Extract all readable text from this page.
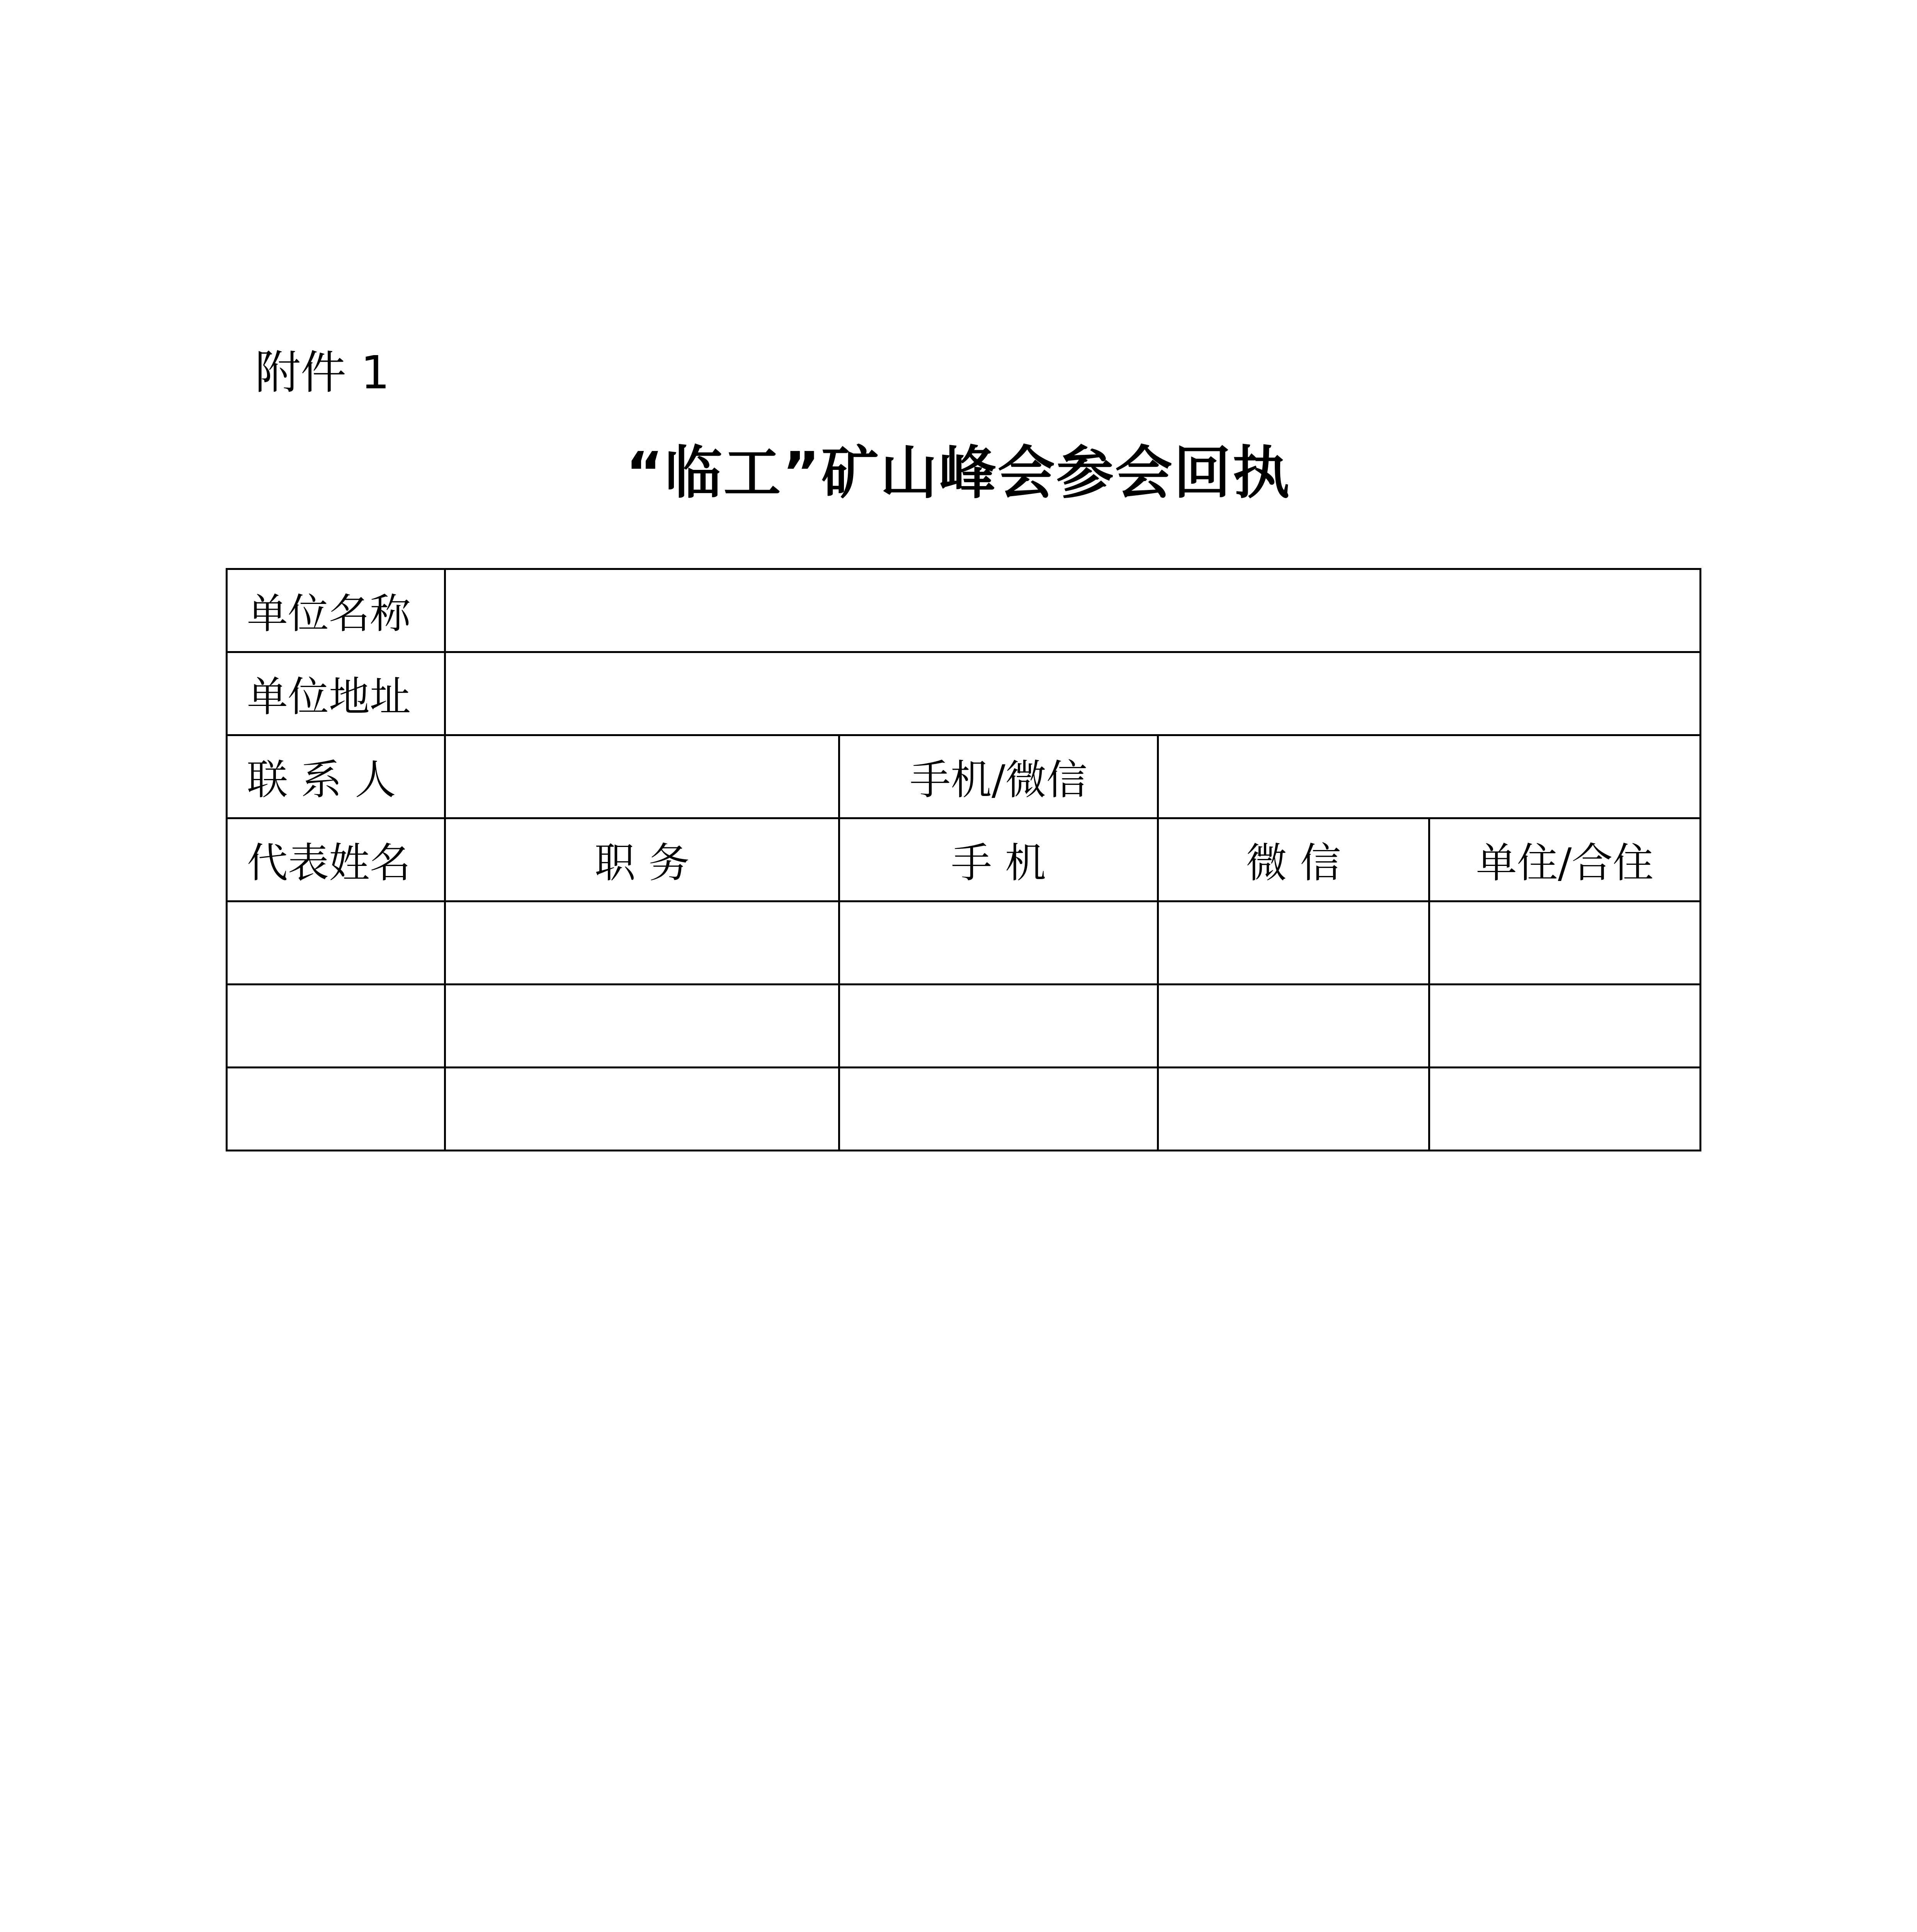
附件 1
“临工”矿山峰会参会回执
单位名称				
单位地址				
联 系 人		手机/微信		
代表姓名	职 务	手 机	微 信	单住/合住
